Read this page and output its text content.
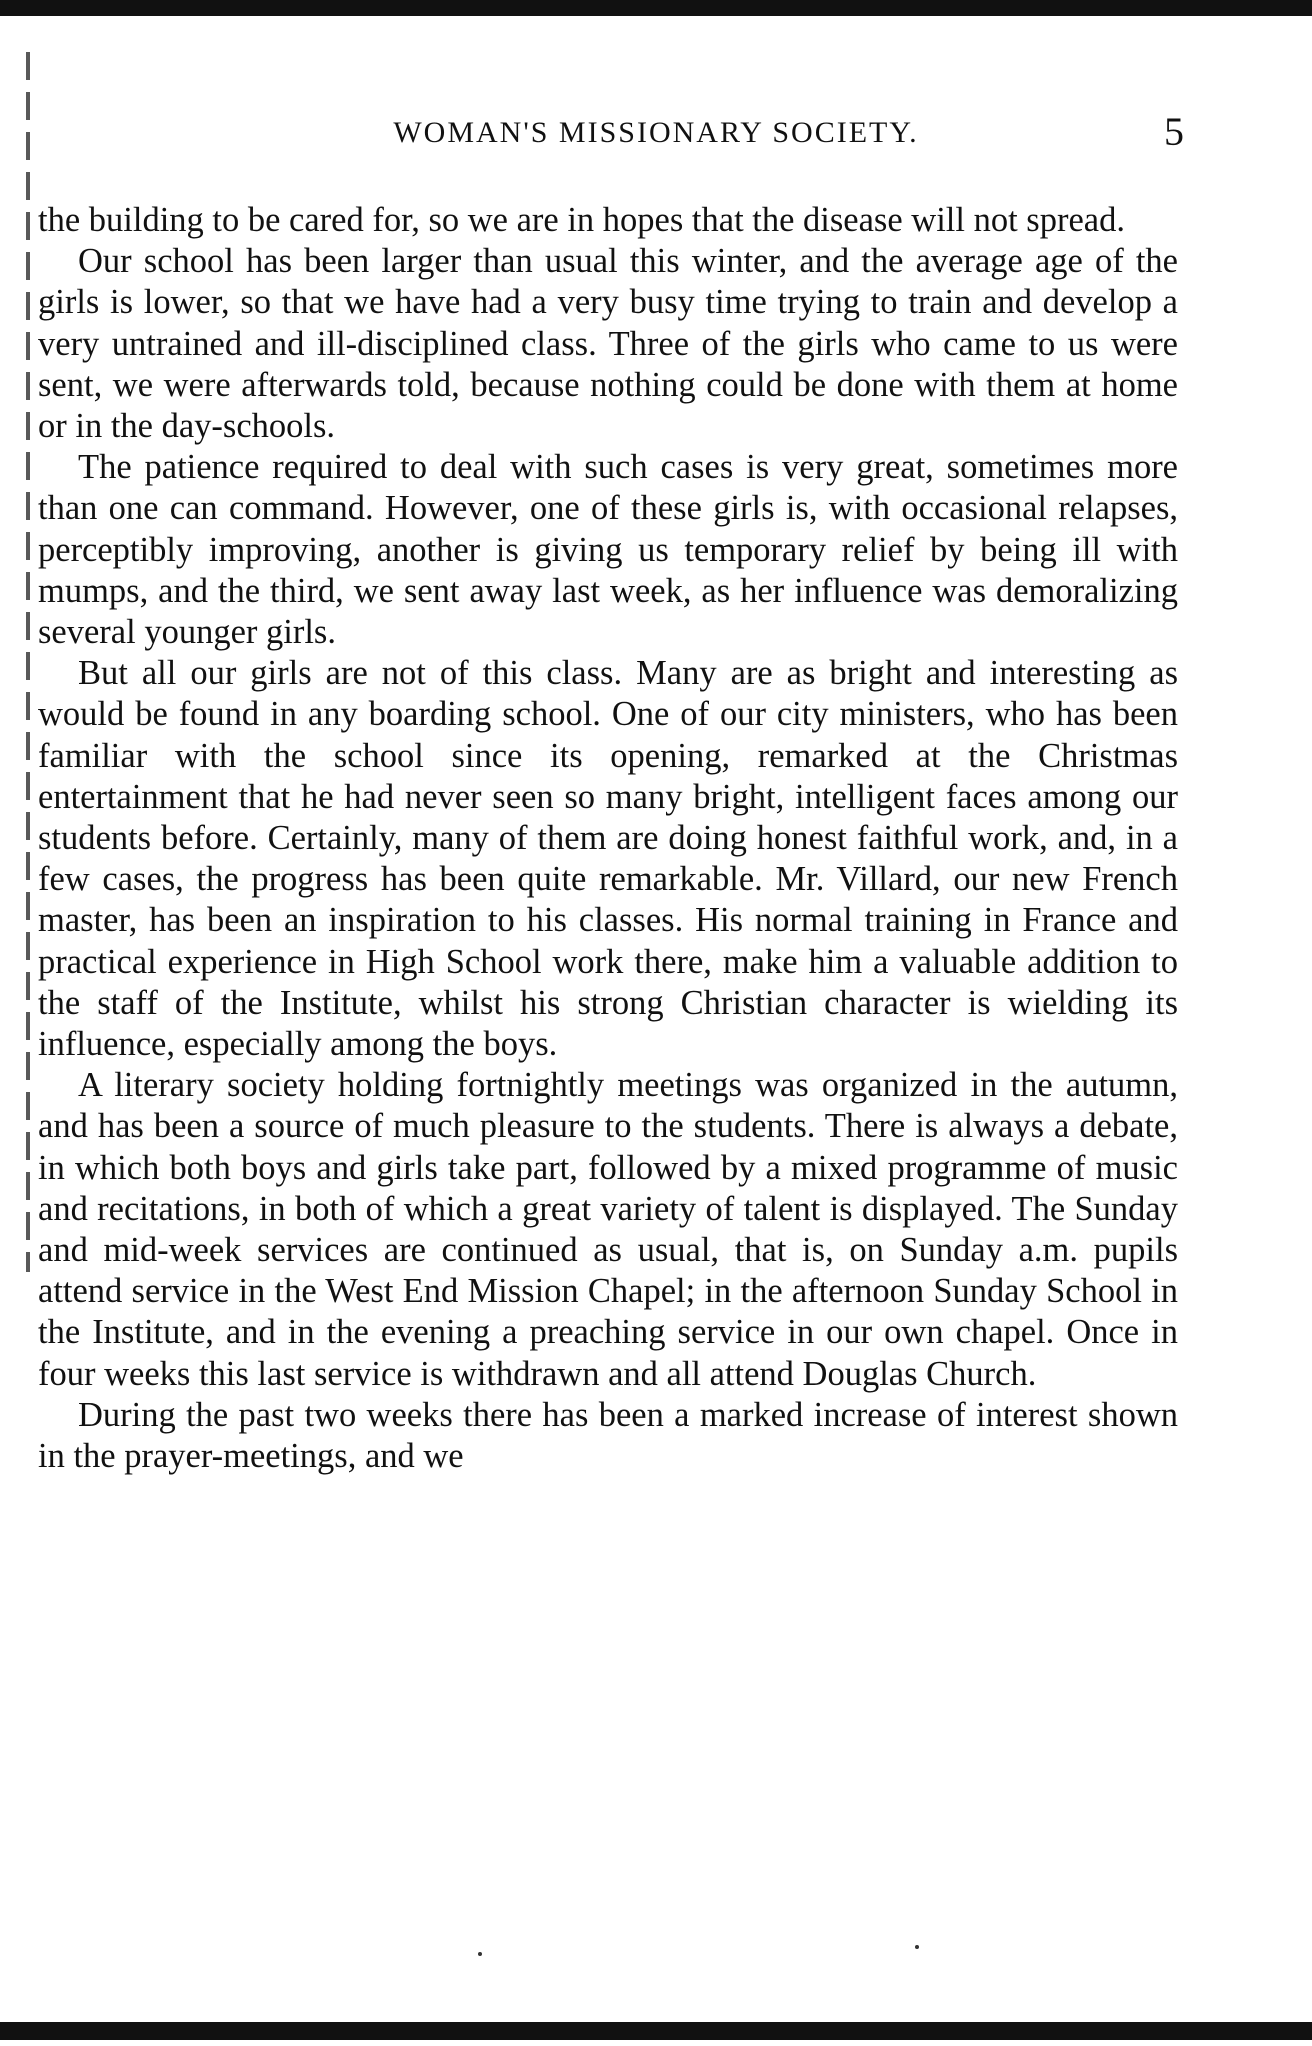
WOMAN'S MISSIONARY SOCIETY.	5

the building to be cared for, so we are in hopes that the disease will not spread.

Our school has been larger than usual this winter, and the average age of the girls is lower, so that we have had a very busy time trying to train and develop a very untrained and ill-disciplined class. Three of the girls who came to us were sent, we were afterwards told, because nothing could be done with them at home or in the day-schools.

The patience required to deal with such cases is very great, sometimes more than one can command. However, one of these girls is, with occasional relapses, perceptibly improving, another is giving us temporary relief by being ill with mumps, and the third, we sent away last week, as her influence was demoralizing several younger girls.

But all our girls are not of this class. Many are as bright and interesting as would be found in any boarding school. One of our city ministers, who has been familiar with the school since its opening, remarked at the Christmas entertainment that he had never seen so many bright, intelligent faces among our students before. Certainly, many of them are doing honest faithful work, and, in a few cases, the progress has been quite remarkable. Mr. Villard, our new French master, has been an inspiration to his classes. His normal training in France and practical experience in High School work there, make him a valuable addition to the staff of the Institute, whilst his strong Christian character is wielding its influence, especially among the boys.

A literary society holding fortnightly meetings was organized in the autumn, and has been a source of much pleasure to the students. There is always a debate, in which both boys and girls take part, followed by a mixed programme of music and recitations, in both of which a great variety of talent is displayed. The Sunday and mid-week services are continued as usual, that is, on Sunday a.m. pupils attend service in the West End Mission Chapel; in the afternoon Sunday School in the Institute, and in the evening a preaching service in our own chapel. Once in four weeks this last service is withdrawn and all attend Douglas Church.

During the past two weeks there has been a marked increase of interest shown in the prayer-meetings, and we
